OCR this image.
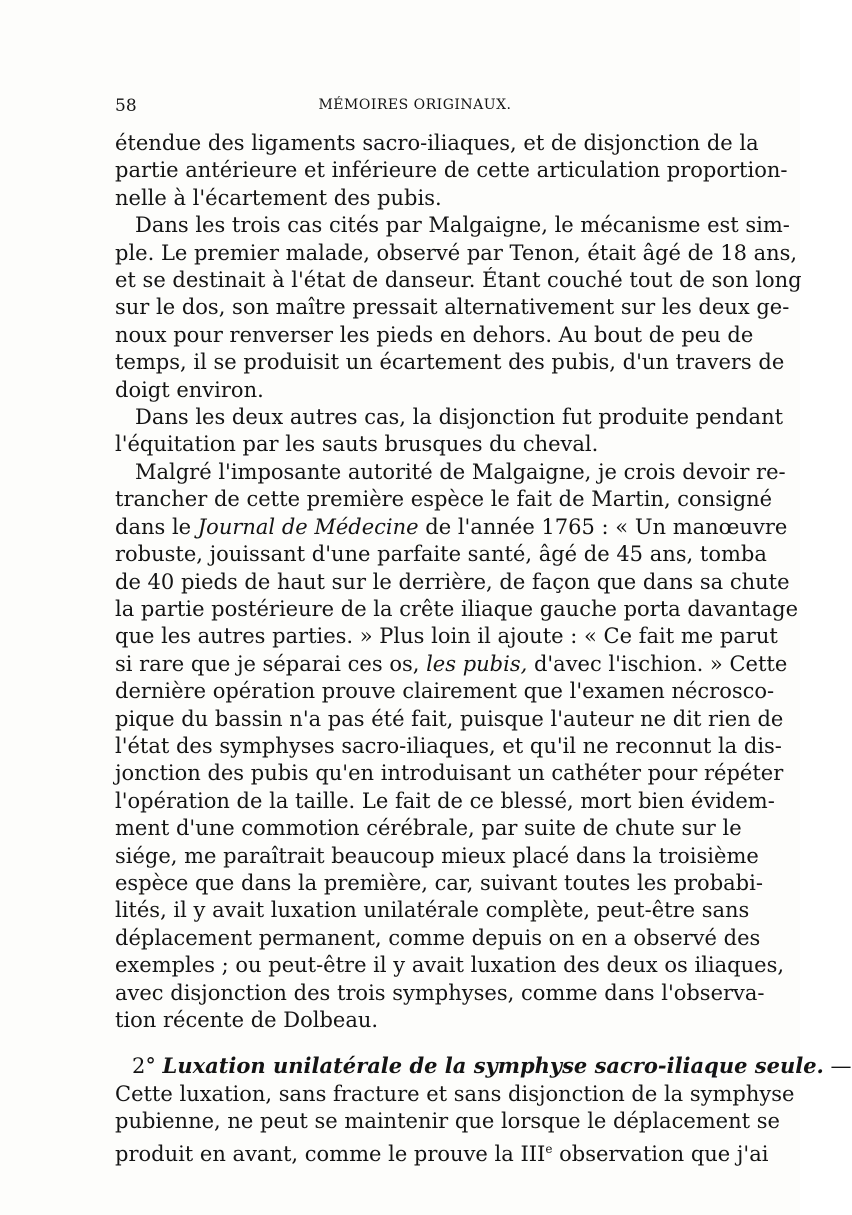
58	MÉMOIRES ORIGINAUX.
étendue des ligaments sacro-iliaques, et de disjonction de la
partie antérieure et inférieure de cette articulation proportion-
nelle à l'écartement des pubis.
Dans les trois cas cités par Malgaigne, le mécanisme est sim-
ple. Le premier malade, observé par Tenon, était âgé de 18 ans,
et se destinait à l'état de danseur. Étant couché tout de son long
sur le dos, son maître pressait alternativement sur les deux ge-
noux pour renverser les pieds en dehors. Au bout de peu de
temps, il se produisit un écartement des pubis, d'un travers de
doigt environ.
Dans les deux autres cas, la disjonction fut produite pendant
l'équitation par les sauts brusques du cheval.
Malgré l'imposante autorité de Malgaigne, je crois devoir re-
trancher de cette première espèce le fait de Martin, consigné
dans le Journal de Médecine de l'année 1765 : « Un manœuvre
robuste, jouissant d'une parfaite santé, âgé de 45 ans, tomba
de 40 pieds de haut sur le derrière, de façon que dans sa chute
la partie postérieure de la crête iliaque gauche porta davantage
que les autres parties. » Plus loin il ajoute : « Ce fait me parut
si rare que je séparai ces os, les pubis, d'avec l'ischion. » Cette
dernière opération prouve clairement que l'examen nécrosco-
pique du bassin n'a pas été fait, puisque l'auteur ne dit rien de
l'état des symphyses sacro-iliaques, et qu'il ne reconnut la dis-
jonction des pubis qu'en introduisant un cathéter pour répéter
l'opération de la taille. Le fait de ce blessé, mort bien évidem-
ment d'une commotion cérébrale, par suite de chute sur le
siége, me paraîtrait beaucoup mieux placé dans la troisième
espèce que dans la première, car, suivant toutes les probabi-
lités, il y avait luxation unilatérale complète, peut-être sans
déplacement permanent, comme depuis on en a observé des
exemples ; ou peut-être il y avait luxation des deux os iliaques,
avec disjonction des trois symphyses, comme dans l'observa-
tion récente de Dolbeau.
2° Luxation unilatérale de la symphyse sacro-iliaque seule. —
Cette luxation, sans fracture et sans disjonction de la symphyse
pubienne, ne peut se maintenir que lorsque le déplacement se
produit en avant, comme le prouve la IIIe observation que j'ai
